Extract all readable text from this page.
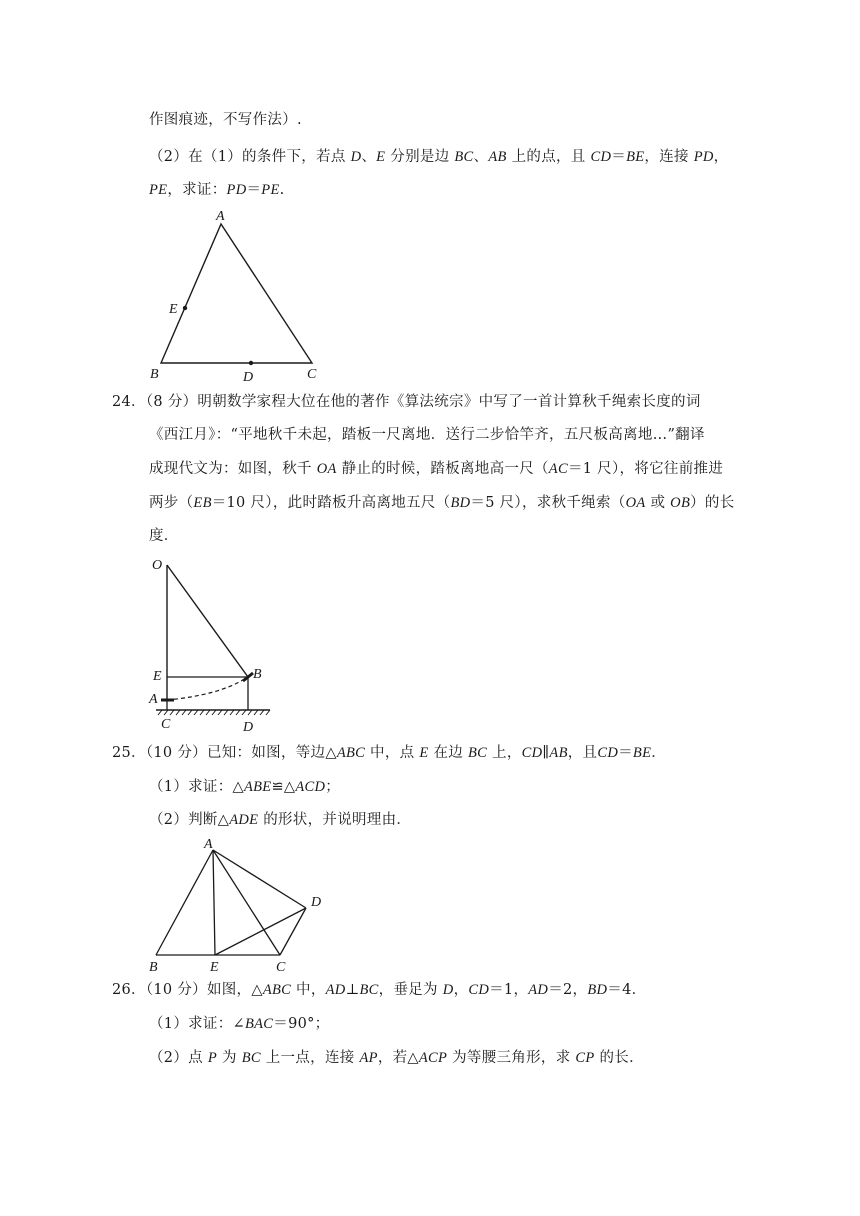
作图痕迹，不写作法）.
（2）在（1）的条件下，若点 D、E 分别是边 BC、AB 上的点，且 CD＝BE，连接 PD，
PE，求证：PD＝PE.
A
E
B	D	C
24．（8 分）明朝数学家程大位在他的著作《算法统宗》中写了一首计算秋千绳索长度的词
《西江月》：“平地秋千未起，踏板一尺离地．送行二步恰竿齐，五尺板高离地…”翻译
成现代文为：如图，秋千 OA 静止的时候，踏板离地高一尺（AC＝1 尺），将它往前推进
两步（EB＝10 尺），此时踏板升高离地五尺（BD＝5 尺），求秋千绳索（OA 或 OB）的长
度．
O
E
A
C
B
D
25．（10 分）已知：如图，等边△ABC 中，点 E 在边 BC 上，CD∥AB，且CD＝BE．
（1）求证：△ABE≌△ACD；
（2）判断△ADE 的形状，并说明理由．
A
B	E	C
D
26．（10 分）如图，△ABC 中，AD⊥BC，垂足为 D，CD＝1，AD＝2，BD＝4．
（1）求证：∠BAC＝90°；
（2）点 P 为 BC 上一点，连接 AP，若△ACP 为等腰三角形，求 CP 的长．
